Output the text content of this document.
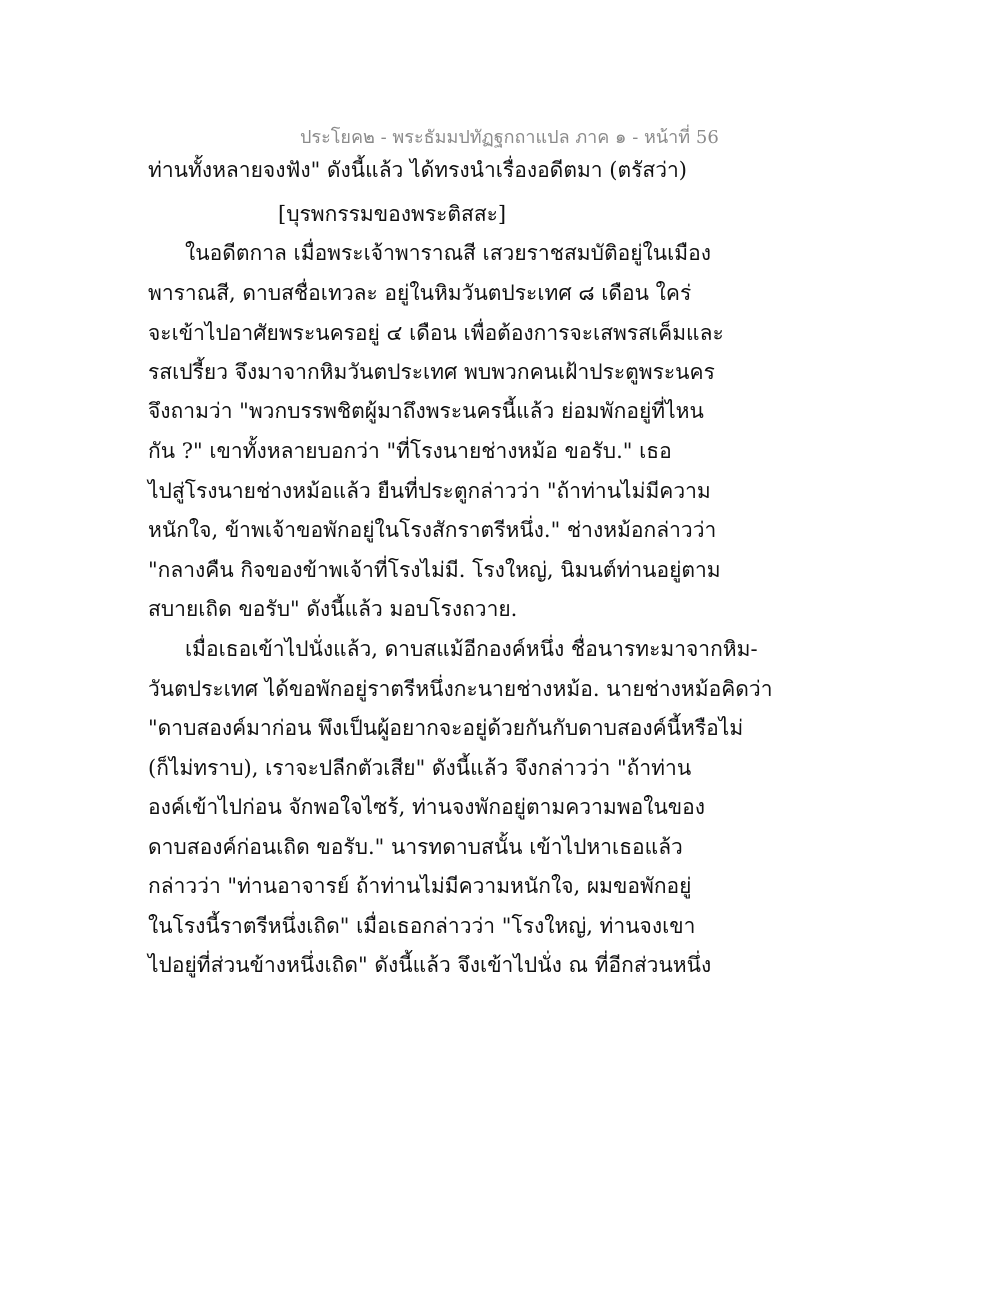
ประโยค๒ - พระธัมมปทัฏฐกถาแปล ภาค ๑ - หน้าที่ 56
ท่านทั้งหลายจงฟัง" ดังนี้แล้ว ได้ทรงนำเรื่องอดีตมา (ตรัสว่า)
[บุรพกรรมของพระติสสะ]
ในอดีตกาล เมื่อพระเจ้าพาราณสี เสวยราชสมบัติอยู่ในเมือง
พาราณสี, ดาบสชื่อเทวละ อยู่ในหิมวันตประเทศ ๘ เดือน ใคร่
จะเข้าไปอาศัยพระนครอยู่ ๔ เดือน เพื่อต้องการจะเสพรสเค็มและ
รสเปรี้ยว จึงมาจากหิมวันตประเทศ พบพวกคนเฝ้าประตูพระนคร
จึงถามว่า "พวกบรรพชิตผู้มาถึงพระนครนี้แล้ว ย่อมพักอยู่ที่ไหน
กัน ?" เขาทั้งหลายบอกว่า "ที่โรงนายช่างหม้อ ขอรับ." เธอ
ไปสู่โรงนายช่างหม้อแล้ว ยืนที่ประตูกล่าวว่า "ถ้าท่านไม่มีความ
หนักใจ, ข้าพเจ้าขอพักอยู่ในโรงสักราตรีหนึ่ง." ช่างหม้อกล่าวว่า
"กลางคืน กิจของข้าพเจ้าที่โรงไม่มี. โรงใหญ่, นิมนต์ท่านอยู่ตาม
สบายเถิด ขอรับ" ดังนี้แล้ว มอบโรงถวาย.
เมื่อเธอเข้าไปนั่งแล้ว, ดาบสแม้อีกองค์หนึ่ง ชื่อนารทะมาจากหิม-
วันตประเทศ ได้ขอพักอยู่ราตรีหนึ่งกะนายช่างหม้อ. นายช่างหม้อคิดว่า
"ดาบสองค์มาก่อน พึงเป็นผู้อยากจะอยู่ด้วยกันกับดาบสองค์นี้หรือไม่
(ก็ไม่ทราบ), เราจะปลีกตัวเสีย" ดังนี้แล้ว จึงกล่าวว่า "ถ้าท่าน
องค์เข้าไปก่อน จักพอใจไซร้, ท่านจงพักอยู่ตามความพอในของ
ดาบสองค์ก่อนเถิด ขอรับ." นารทดาบสนั้น เข้าไปหาเธอแล้ว
กล่าวว่า "ท่านอาจารย์ ถ้าท่านไม่มีความหนักใจ, ผมขอพักอยู่
ในโรงนี้ราตรีหนึ่งเถิด" เมื่อเธอกล่าวว่า "โรงใหญ่, ท่านจงเขา
ไปอยู่ที่ส่วนข้างหนึ่งเถิด" ดังนี้แล้ว จึงเข้าไปนั่ง ณ ที่อีกส่วนหนึ่ง
